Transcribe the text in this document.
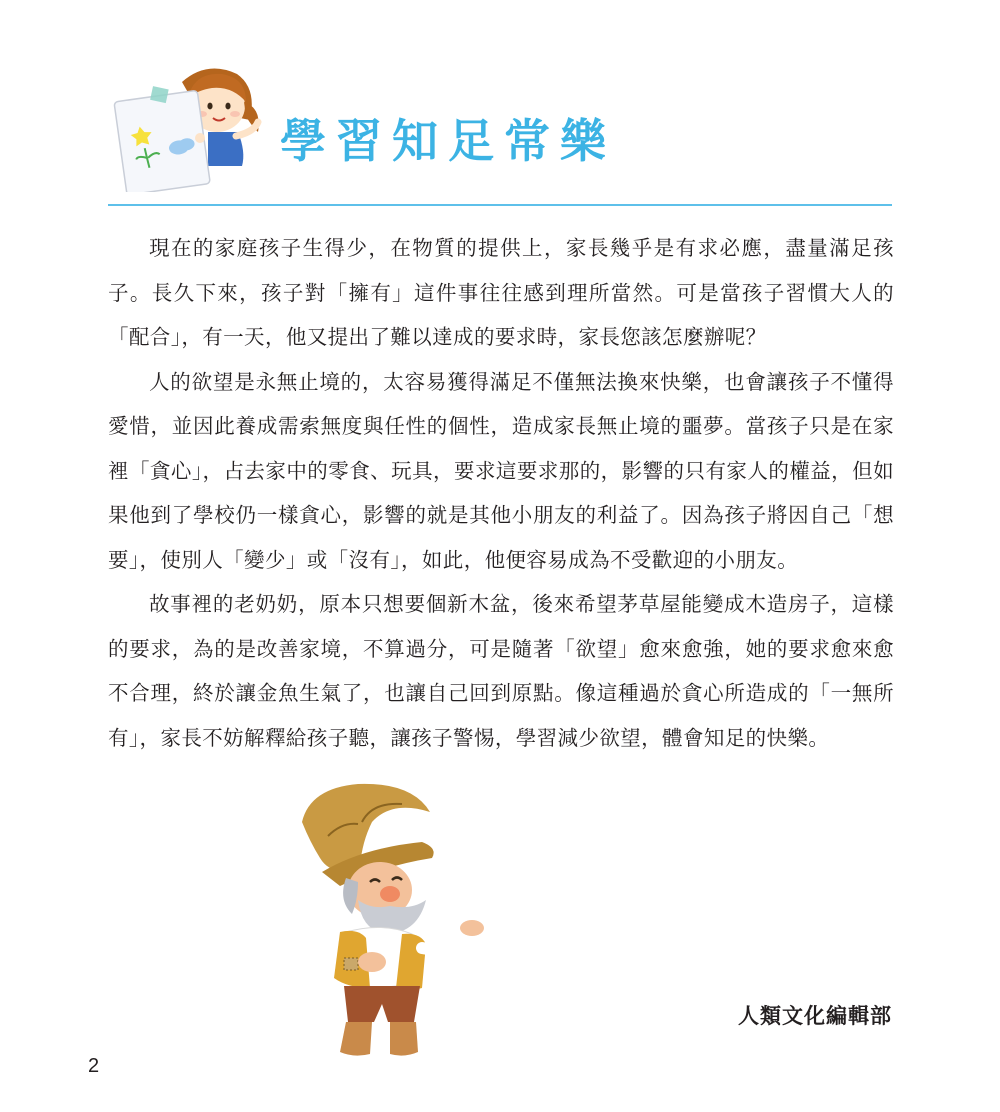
學習知足常樂

現在的家庭孩子生得少，在物質的提供上，家長幾乎是有求必應，盡量滿足孩子。長久下來，孩子對「擁有」這件事往往感到理所當然。可是當孩子習慣大人的「配合」，有一天，他又提出了難以達成的要求時，家長您該怎麼辦呢？

人的欲望是永無止境的，太容易獲得滿足不僅無法換來快樂，也會讓孩子不懂得愛惜，並因此養成需索無度與任性的個性，造成家長無止境的噩夢。當孩子只是在家裡「貪心」，占去家中的零食、玩具，要求這要求那的，影響的只有家人的權益，但如果他到了學校仍一樣貪心，影響的就是其他小朋友的利益了。因為孩子將因自己「想要」，使別人「變少」或「沒有」，如此，他便容易成為不受歡迎的小朋友。

故事裡的老奶奶，原本只想要個新木盆，後來希望茅草屋能變成木造房子，這樣的要求，為的是改善家境，不算過分，可是隨著「欲望」愈來愈強，她的要求愈來愈不合理，終於讓金魚生氣了，也讓自己回到原點。像這種過於貪心所造成的「一無所有」，家長不妨解釋給孩子聽，讓孩子警惕，學習減少欲望，體會知足的快樂。

人類文化編輯部

2
